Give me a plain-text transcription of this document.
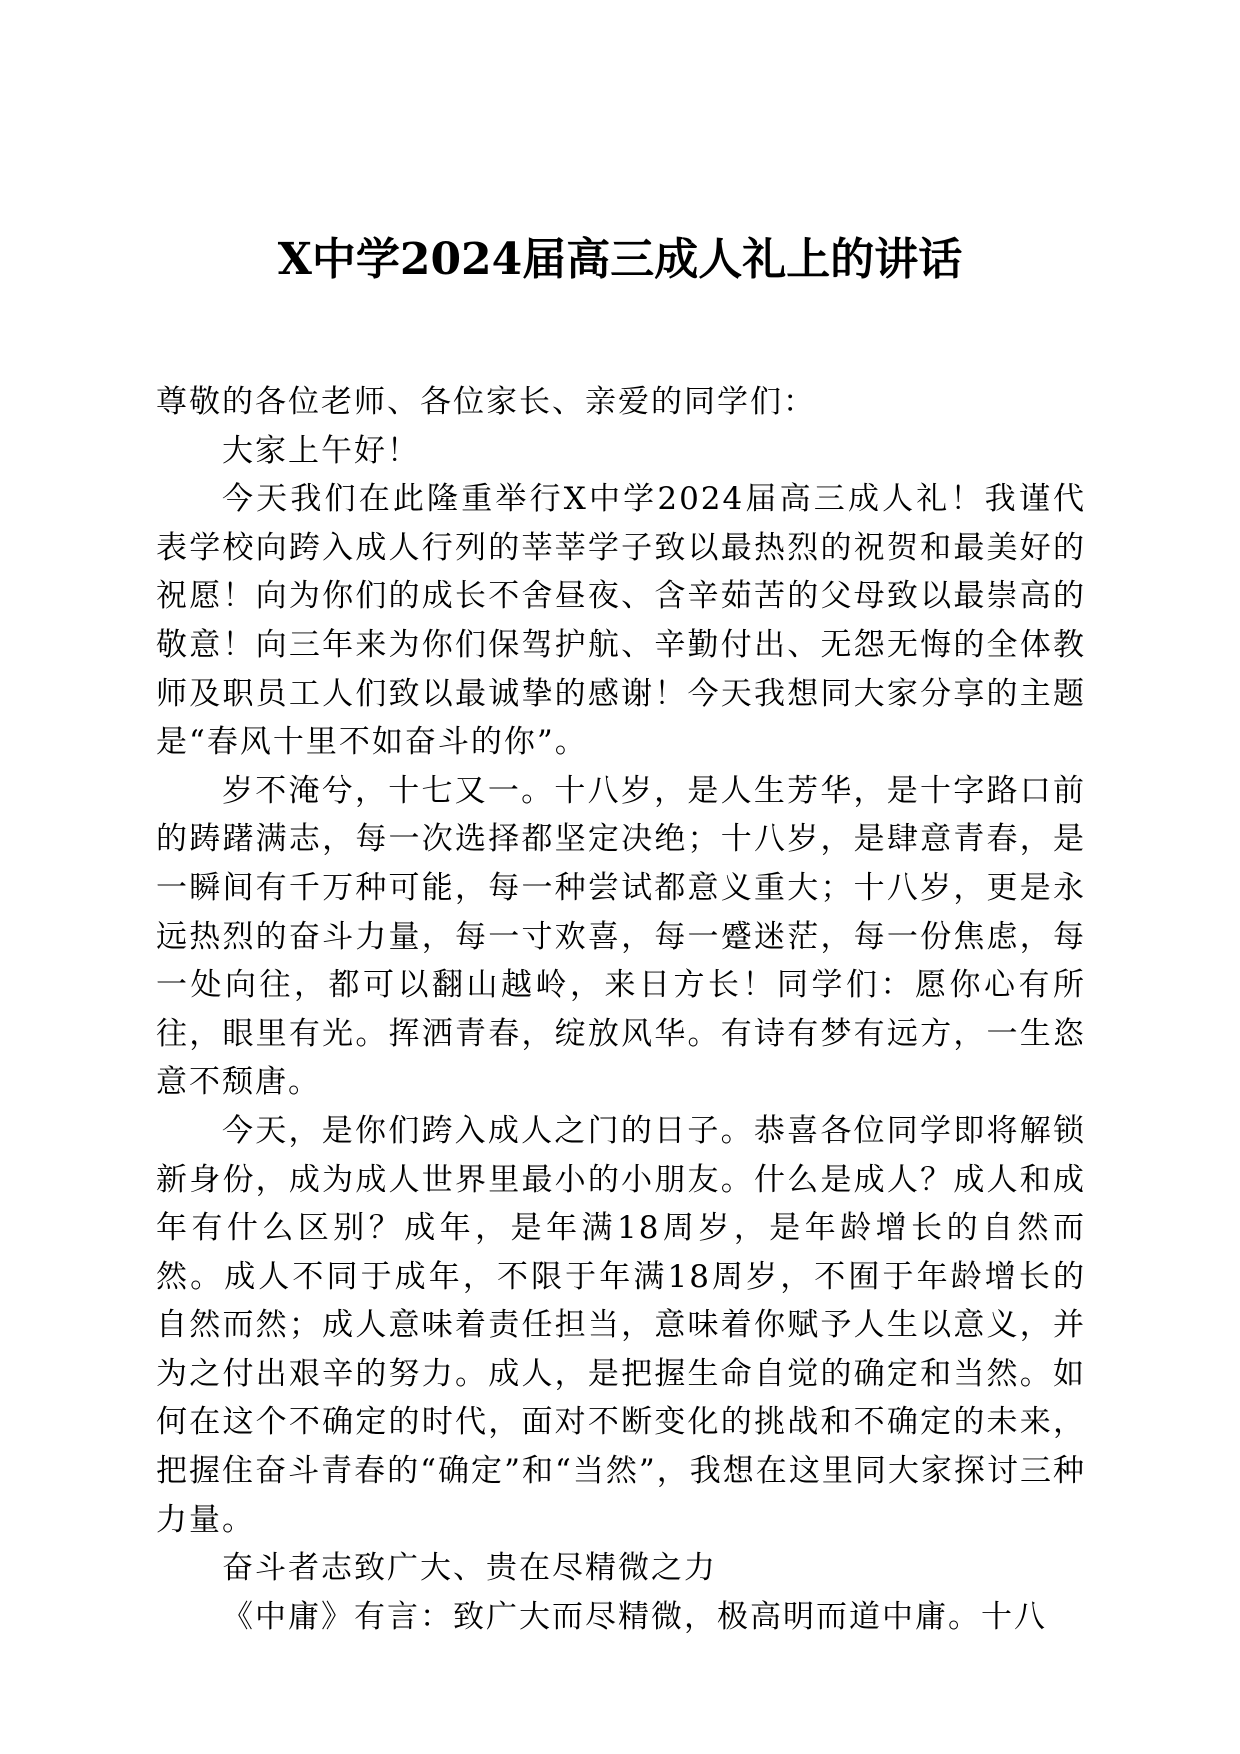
X中学2024届高三成人礼上的讲话

尊敬的各位老师、各位家长、亲爱的同学们：

大家上午好！

今天我们在此隆重举行X中学2024届高三成人礼！我谨代表学校向跨入成人行列的莘莘学子致以最热烈的祝贺和最美好的祝愿！向为你们的成长不舍昼夜、含辛茹苦的父母致以最崇高的敬意！向三年来为你们保驾护航、辛勤付出、无怨无悔的全体教师及职员工人们致以最诚挚的感谢！今天我想同大家分享的主题是“春风十里不如奋斗的你”。

岁不淹兮，十七又一。十八岁，是人生芳华，是十字路口前的踌躇满志，每一次选择都坚定决绝；十八岁，是肆意青春，是一瞬间有千万种可能，每一种尝试都意义重大；十八岁，更是永远热烈的奋斗力量，每一寸欢喜，每一蹙迷茫，每一份焦虑，每一处向往，都可以翻山越岭，来日方长！同学们：愿你心有所往，眼里有光。挥洒青春，绽放风华。有诗有梦有远方，一生恣意不颓唐。

今天，是你们跨入成人之门的日子。恭喜各位同学即将解锁新身份，成为成人世界里最小的小朋友。什么是成人？成人和成年有什么区别？成年，是年满18周岁，是年龄增长的自然而然。成人不同于成年，不限于年满18周岁，不囿于年龄增长的自然而然；成人意味着责任担当，意味着你赋予人生以意义，并为之付出艰辛的努力。成人，是把握生命自觉的确定和当然。如何在这个不确定的时代，面对不断变化的挑战和不确定的未来，把握住奋斗青春的“确定”和“当然”，我想在这里同大家探讨三种力量。

奋斗者志致广大、贵在尽精微之力

《中庸》有言：致广大而尽精微，极高明而道中庸。十八
